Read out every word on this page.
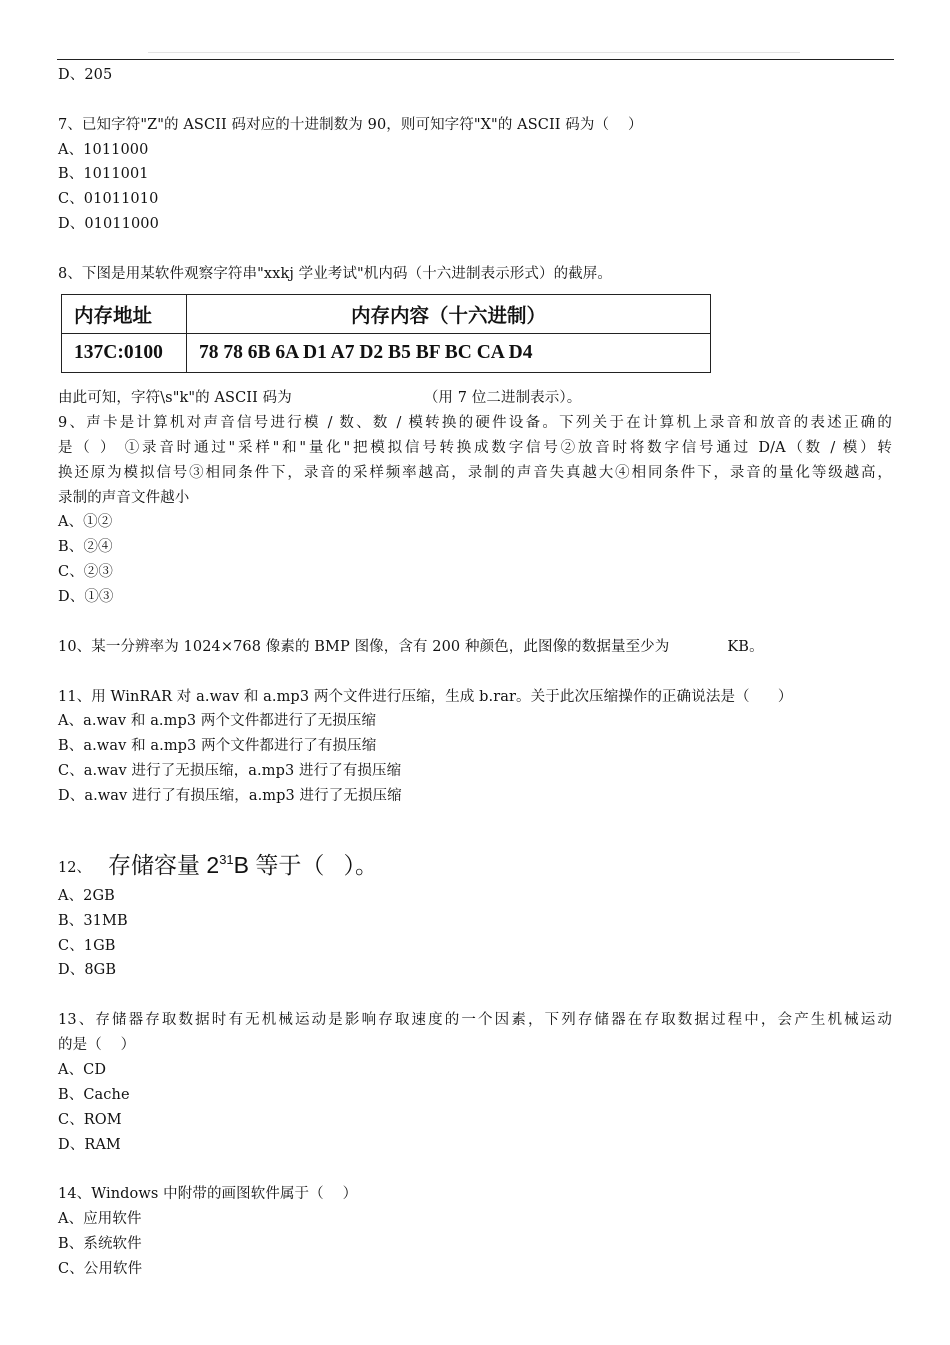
D、205
7、已知字符"Z"的 ASCII 码对应的十进制数为 90，则可知字符"X"的 ASCII 码为（    ）
A、1011000
B、1011001
C、01011010
D、01011000
8、下图是用某软件观察字符串"xxkj 学业考试"机内码（十六进制表示形式）的截屏。
内存地址	内存内容（十六进制）
137C:0100	78 78 6B 6A D1 A7 D2 B5 BF BC CA D4
由此可知，字符\s"k"的 ASCII 码为	（用 7 位二进制表示）。
9、声卡是计算机对声音信号进行模 / 数、数 / 模转换的硬件设备。下列关于在计算机上录音和放音的表述正确的
是（ ） ①录音时通过"采样"和"量化"把模拟信号转换成数字信号②放音时将数字信号通过 D/A（数 / 模）转
换还原为模拟信号③相同条件下，录音的采样频率越高，录制的声音失真越大④相同条件下，录音的量化等级越高，
录制的声音文件越小
A、①②
B、②④
C、②③
D、①③
10、某一分辨率为 1024×768 像素的 BMP 图像，含有 200 种颜色，此图像的数据量至少为	KB。
11、用 WinRAR 对 a.wav 和 a.mp3 两个文件进行压缩，生成 b.rar。关于此次压缩操作的正确说法是（      ）
A、a.wav 和 a.mp3 两个文件都进行了无损压缩
B、a.wav 和 a.mp3 两个文件都进行了有损压缩
C、a.wav 进行了无损压缩，a.mp3 进行了有损压缩
D、a.wav 进行了有损压缩，a.mp3 进行了无损压缩
12、 存储容量 $2^{31}B$ 等于（   ）。
A、2GB
B、31MB
C、1GB
D、8GB
13、存储器存取数据时有无机械运动是影响存取速度的一个因素，下列存储器在存取数据过程中，会产生机械运动
的是（    ）
A、CD
B、Cache
C、ROM
D、RAM
14、Windows 中附带的画图软件属于（    ）
A、应用软件
B、系统软件
C、公用软件
